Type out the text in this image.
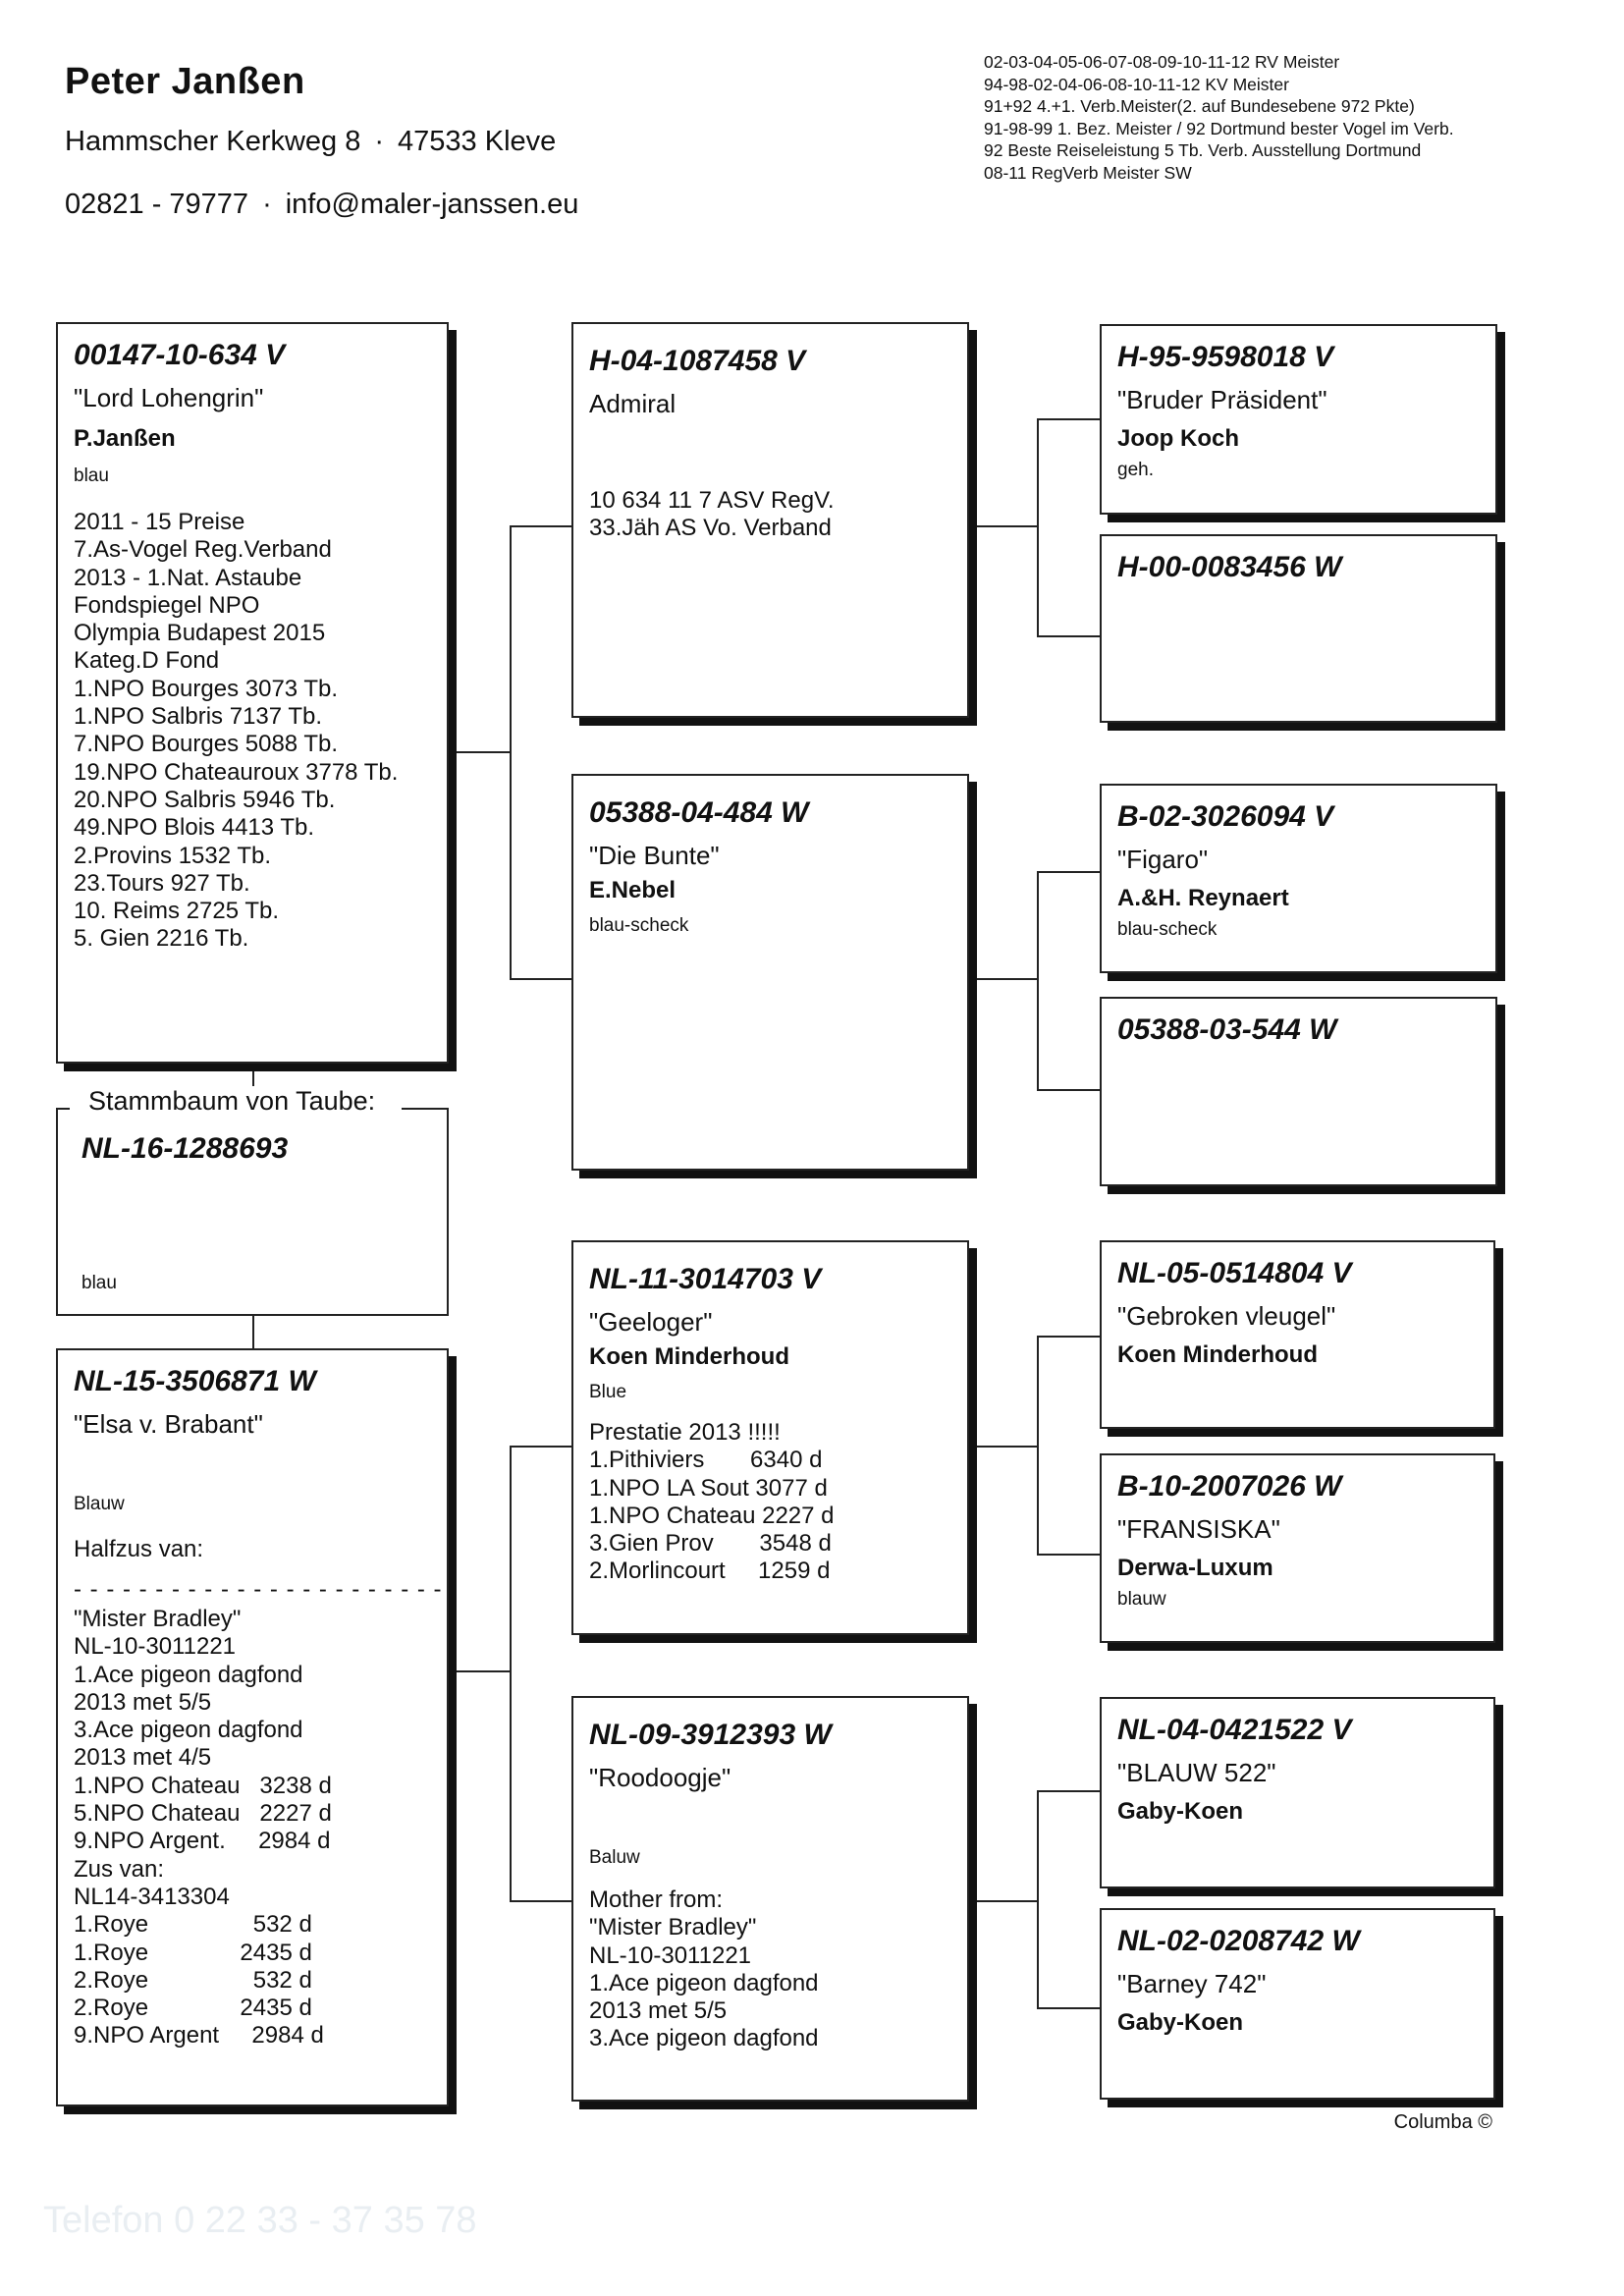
Peter Janßen
Hammscher Kerkweg 8 · 47533 Kleve
02821 - 79777 · info@maler-janssen.eu
02-03-04-05-06-07-08-09-10-11-12 RV Meister
94-98-02-04-06-08-10-11-12 KV Meister
91+92 4.+1. Verb.Meister(2. auf Bundesebene 972 Pkte)
91-98-99 1. Bez. Meister / 92 Dortmund bester Vogel im Verb.
92 Beste Reiseleistung 5 Tb. Verb. Ausstellung Dortmund
08-11 RegVerb Meister SW
00147-10-634 V
"Lord Lohengrin"
P.Janßen
blau
2011 - 15 Preise
7.As-Vogel Reg.Verband
2013 - 1.Nat. Astaube
Fondspiegel NPO
Olympia Budapest 2015
Kateg.D Fond
1.NPO Bourges 3073 Tb.
1.NPO Salbris 7137 Tb.
7.NPO Bourges 5088 Tb.
19.NPO Chateauroux 3778 Tb.
20.NPO Salbris 5946 Tb.
49.NPO Blois 4413 Tb.
2.Provins 1532 Tb.
23.Tours 927 Tb.
10. Reims 2725 Tb.
5. Gien 2216 Tb.
NL-16-1288693
blau
Stammbaum von Taube:
NL-15-3506871 W
"Elsa v. Brabant"
Blauw
Halfzus van:
- - - - - - - - - - - - - - - - - - - - - - -
"Mister Bradley"
NL-10-3011221
1.Ace pigeon dagfond
2013 met 5/5
3.Ace pigeon dagfond
2013 met 4/5
1.NPO Chateau   3238 d
5.NPO Chateau   2227 d
9.NPO Argent.     2984 d
Zus van:
NL14-3413304
1.Roye                532 d
1.Roye              2435 d
2.Roye                532 d
2.Roye              2435 d
9.NPO Argent     2984 d
H-04-1087458 V
Admiral
10 634 11 7 ASV RegV.
33.Jäh AS Vo. Verband
05388-04-484 W
"Die Bunte"
E.Nebel
blau-scheck
NL-11-3014703 V
"Geeloger"
Koen Minderhoud
Blue
Prestatie 2013 !!!!!
1.Pithiviers       6340 d
1.NPO LA Sout 3077 d
1.NPO Chateau 2227 d
3.Gien Prov       3548 d
2.Morlincourt     1259 d
NL-09-3912393 W
"Roodoogje"
Baluw
Mother from:
"Mister Bradley"
NL-10-3011221
1.Ace pigeon dagfond
2013 met 5/5
3.Ace pigeon dagfond
H-95-9598018 V
"Bruder Präsident"
Joop Koch
geh.
H-00-0083456 W
B-02-3026094 V
"Figaro"
A.&H. Reynaert
blau-scheck
05388-03-544 W
NL-05-0514804 V
"Gebroken vleugel"
Koen Minderhoud
B-10-2007026 W
"FRANSISKA"
Derwa-Luxum
blauw
NL-04-0421522 V
"BLAUW 522"
Gaby-Koen
NL-02-0208742 W
"Barney 742"
Gaby-Koen
Columba ©
Telefon 0 22 33 - 37 35 78
